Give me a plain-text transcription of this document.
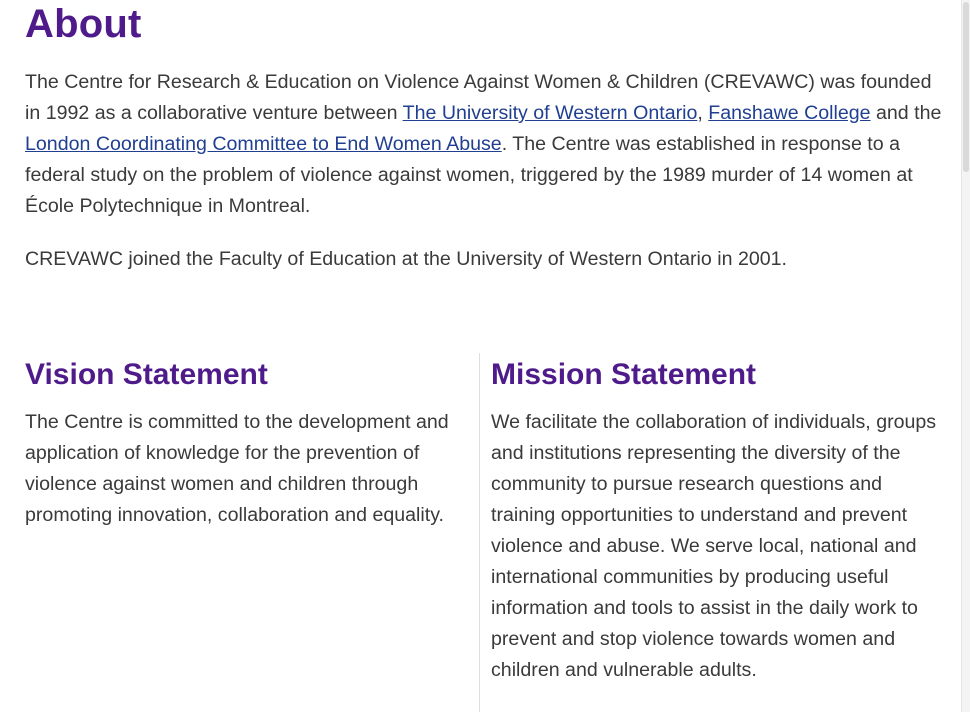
About

The Centre for Research & Education on Violence Against Women & Children (CREVAWC) was founded in 1992 as a collaborative venture between The University of Western Ontario, Fanshawe College and the London Coordinating Committee to End Women Abuse. The Centre was established in response to a federal study on the problem of violence against women, triggered by the 1989 murder of 14 women at École Polytechnique in Montreal.

CREVAWC joined the Faculty of Education at the University of Western Ontario in 2001.

Vision Statement

The Centre is committed to the development and application of knowledge for the prevention of violence against women and children through promoting innovation, collaboration and equality.

Mission Statement

We facilitate the collaboration of individuals, groups and institutions representing the diversity of the community to pursue research questions and training opportunities to understand and prevent violence and abuse. We serve local, national and international communities by producing useful information and tools to assist in the daily work to prevent and stop violence towards women and children and vulnerable adults.
